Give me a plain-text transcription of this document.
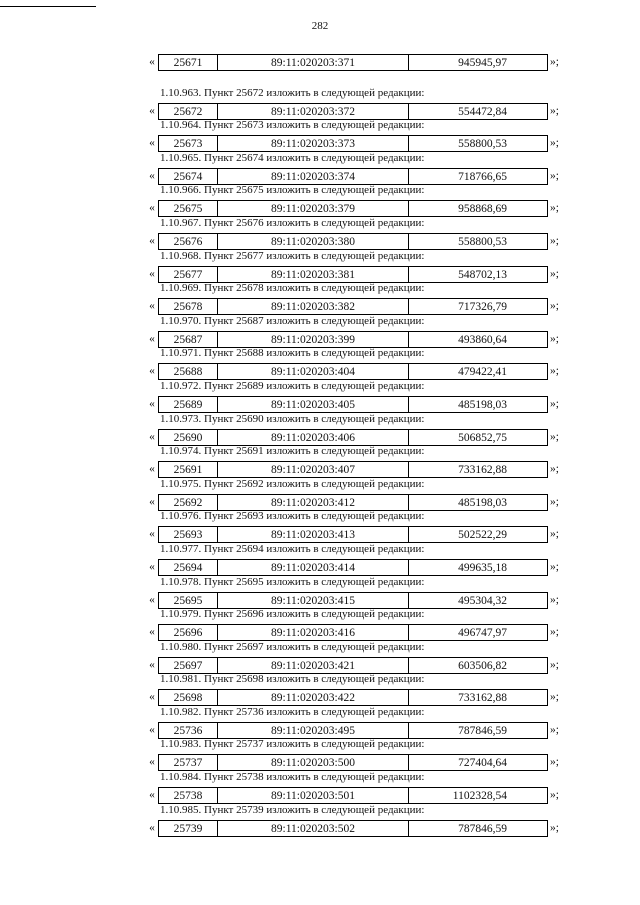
282
«	25671	89:11:020203:371	945945,97	»;
1.10.963. Пункт 25672 изложить в следующей редакции:
«	25672	89:11:020203:372	554472,84	»;
1.10.964. Пункт 25673 изложить в следующей редакции:
«	25673	89:11:020203:373	558800,53	»;
1.10.965. Пункт 25674 изложить в следующей редакции:
«	25674	89:11:020203:374	718766,65	»;
1.10.966. Пункт 25675 изложить в следующей редакции:
«	25675	89:11:020203:379	958868,69	»;
1.10.967. Пункт 25676 изложить в следующей редакции:
«	25676	89:11:020203:380	558800,53	»;
1.10.968. Пункт 25677 изложить в следующей редакции:
«	25677	89:11:020203:381	548702,13	»;
1.10.969. Пункт 25678 изложить в следующей редакции:
«	25678	89:11:020203:382	717326,79	»;
1.10.970. Пункт 25687 изложить в следующей редакции:
«	25687	89:11:020203:399	493860,64	»;
1.10.971. Пункт 25688 изложить в следующей редакции:
«	25688	89:11:020203:404	479422,41	»;
1.10.972. Пункт 25689 изложить в следующей редакции:
«	25689	89:11:020203:405	485198,03	»;
1.10.973. Пункт 25690 изложить в следующей редакции:
«	25690	89:11:020203:406	506852,75	»;
1.10.974. Пункт 25691 изложить в следующей редакции:
«	25691	89:11:020203:407	733162,88	»;
1.10.975. Пункт 25692 изложить в следующей редакции:
«	25692	89:11:020203:412	485198,03	»;
1.10.976. Пункт 25693 изложить в следующей редакции:
«	25693	89:11:020203:413	502522,29	»;
1.10.977. Пункт 25694 изложить в следующей редакции:
«	25694	89:11:020203:414	499635,18	»;
1.10.978. Пункт 25695 изложить в следующей редакции:
«	25695	89:11:020203:415	495304,32	»;
1.10.979. Пункт 25696 изложить в следующей редакции:
«	25696	89:11:020203:416	496747,97	»;
1.10.980. Пункт 25697 изложить в следующей редакции:
«	25697	89:11:020203:421	603506,82	»;
1.10.981. Пункт 25698 изложить в следующей редакции:
«	25698	89:11:020203:422	733162,88	»;
1.10.982. Пункт 25736 изложить в следующей редакции:
«	25736	89:11:020203:495	787846,59	»;
1.10.983. Пункт 25737 изложить в следующей редакции:
«	25737	89:11:020203:500	727404,64	»;
1.10.984. Пункт 25738 изложить в следующей редакции:
«	25738	89:11:020203:501	1102328,54	»;
1.10.985. Пункт 25739 изложить в следующей редакции:
«	25739	89:11:020203:502	787846,59	»;
